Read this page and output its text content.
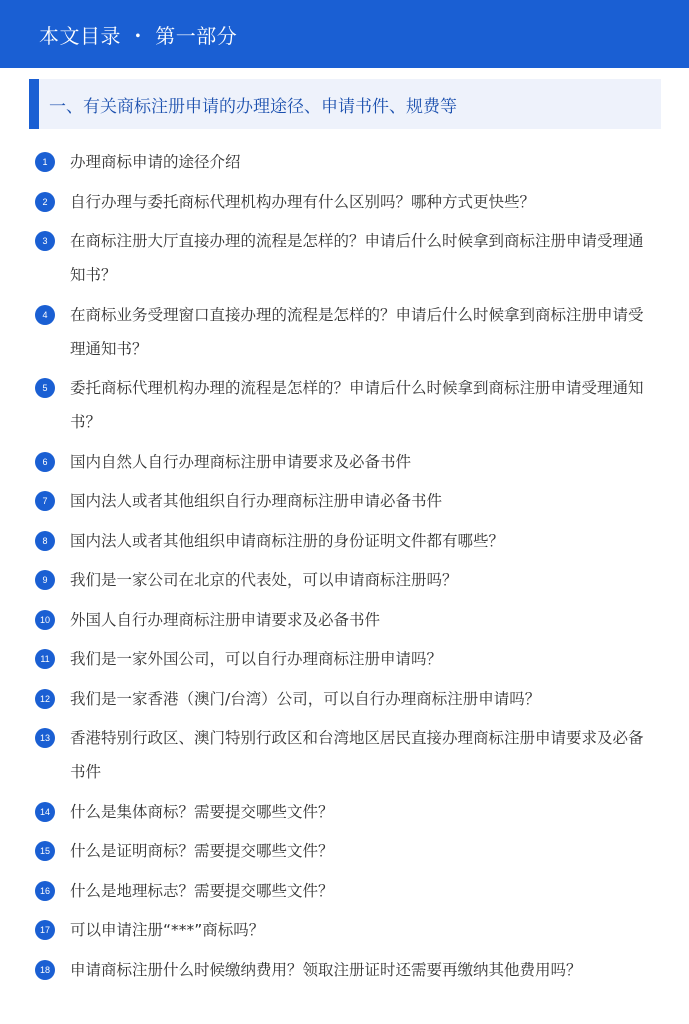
本文目录 ・ 第一部分
一、有关商标注册申请的办理途径、申请书件、规费等
1	办理商标申请的途径介绍
2	自行办理与委托商标代理机构办理有什么区别吗？哪种方式更快些？
3	在商标注册大厅直接办理的流程是怎样的？申请后什么时候拿到商标注册申请受理通知书？
4	在商标业务受理窗口直接办理的流程是怎样的？申请后什么时候拿到商标注册申请受理通知书？
5	委托商标代理机构办理的流程是怎样的？申请后什么时候拿到商标注册申请受理通知书？
6	国内自然人自行办理商标注册申请要求及必备书件
7	国内法人或者其他组织自行办理商标注册申请必备书件
8	国内法人或者其他组织申请商标注册的身份证明文件都有哪些？
9	我们是一家公司在北京的代表处，可以申请商标注册吗？
10	外国人自行办理商标注册申请要求及必备书件
11	我们是一家外国公司，可以自行办理商标注册申请吗？
12	我们是一家香港（澳门/台湾）公司，可以自行办理商标注册申请吗？
13	香港特别行政区、澳门特别行政区和台湾地区居民直接办理商标注册申请要求及必备书件
14	什么是集体商标？需要提交哪些文件？
15	什么是证明商标？需要提交哪些文件？
16	什么是地理标志？需要提交哪些文件？
17	可以申请注册“***”商标吗？
18	申请商标注册什么时候缴纳费用？领取注册证时还需要再缴纳其他费用吗？
